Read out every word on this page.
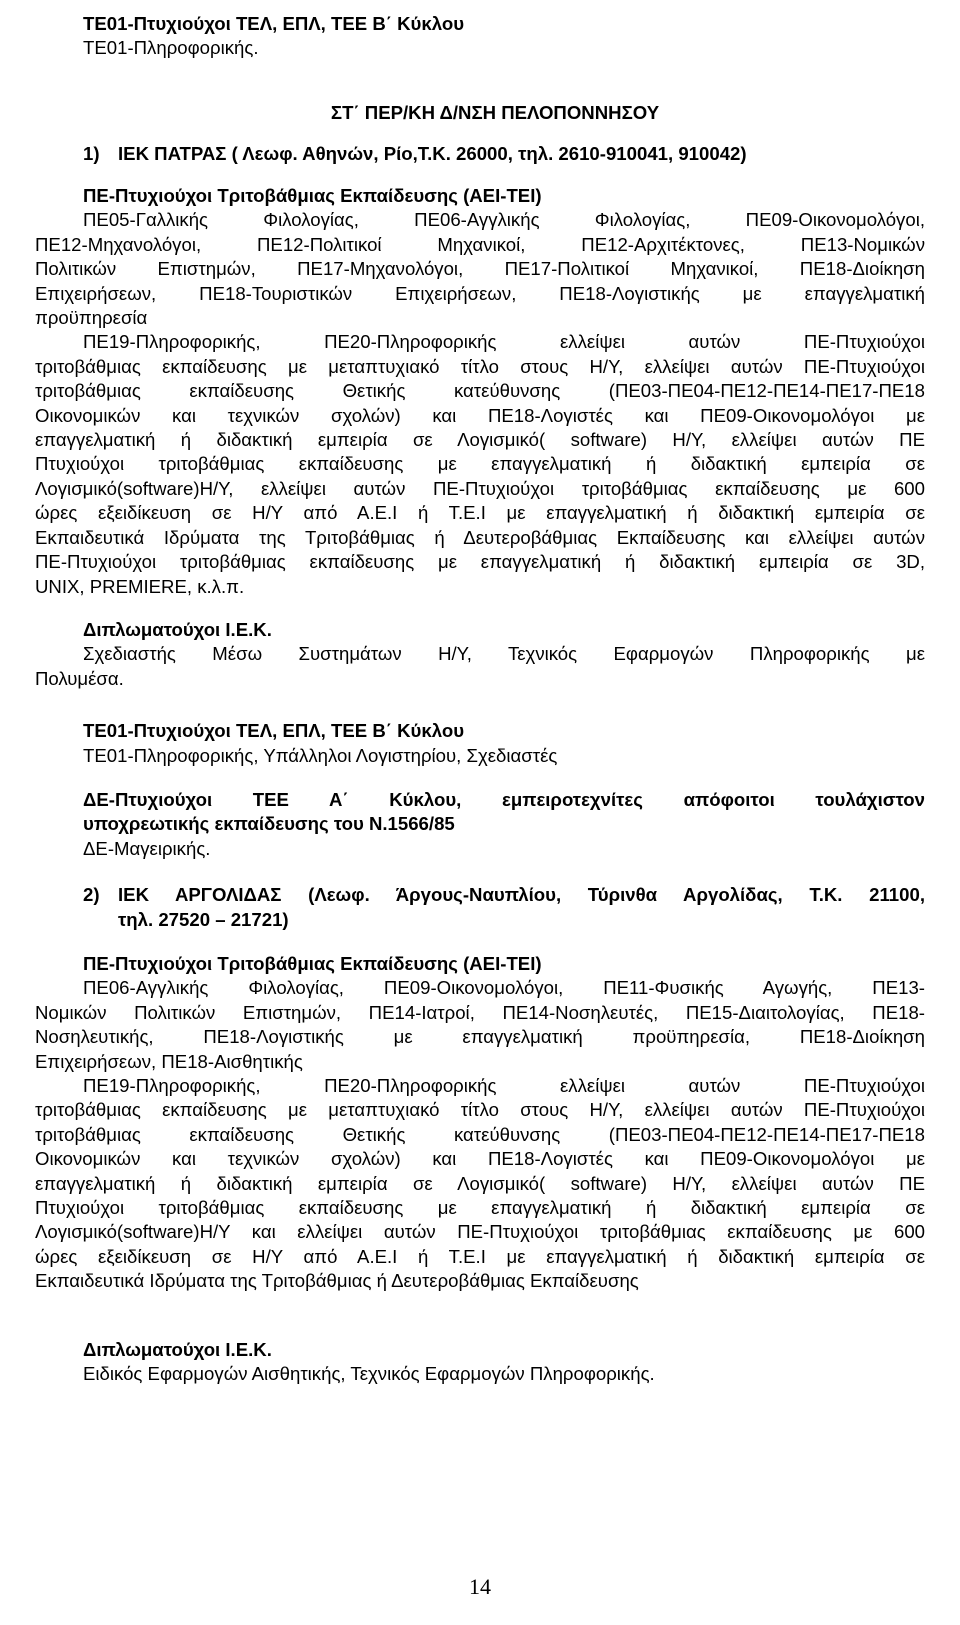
ΤΕ01-Πτυχιούχοι ΤΕΛ, ΕΠΛ, ΤΕΕ Β΄ Κύκλου

ΤΕ01-Πληροφορικής.

ΣΤ΄ ΠΕΡ/ΚΗ Δ/ΝΣΗ ΠΕΛΟΠΟΝΝΗΣΟΥ

1) ΙΕΚ ΠΑΤΡΑΣ ( Λεωφ. Αθηνών, Ρίο,Τ.Κ. 26000, τηλ. 2610-910041, 910042)

ΠΕ-Πτυχιούχοι Τριτοβάθμιας Εκπαίδευσης (ΑΕΙ-ΤΕΙ)

ΠΕ05-Γαλλικής Φιλολογίας, ΠΕ06-Αγγλικής Φιλολογίας, ΠΕ09-Οικονομολόγοι,

ΠΕ12-Μηχανολόγοι, ΠΕ12-Πολιτικοί Μηχανικοί, ΠΕ12-Αρχιτέκτονες, ΠΕ13-Νομικών

Πολιτικών Επιστημών, ΠΕ17-Μηχανολόγοι, ΠΕ17-Πολιτικοί Μηχανικοί, ΠΕ18-Διοίκηση

Επιχειρήσεων, ΠΕ18-Τουριστικών Επιχειρήσεων, ΠΕ18-Λογιστικής με επαγγελματική

προϋπηρεσία

ΠΕ19-Πληροφορικής, ΠΕ20-Πληροφορικής ελλείψει αυτών ΠΕ-Πτυχιούχοι

τριτοβάθμιας εκπαίδευσης με μεταπτυχιακό τίτλο στους Η/Υ, ελλείψει αυτών ΠΕ-Πτυχιούχοι

τριτοβάθμιας εκπαίδευσης Θετικής κατεύθυνσης (ΠΕ03-ΠΕ04-ΠΕ12-ΠΕ14-ΠΕ17-ΠΕ18

Οικονομικών και τεχνικών σχολών) και ΠΕ18-Λογιστές και ΠΕ09-Οικονομολόγοι με

επαγγελματική ή διδακτική εμπειρία σε Λογισμικό( software) Η/Υ, ελλείψει αυτών ΠΕ

Πτυχιούχοι τριτοβάθμιας εκπαίδευσης με επαγγελματική ή διδακτική εμπειρία σε

Λογισμικό(software)Η/Υ, ελλείψει αυτών ΠΕ-Πτυχιούχοι τριτοβάθμιας εκπαίδευσης με 600

ώρες εξειδίκευση σε Η/Υ από Α.Ε.Ι ή Τ.Ε.Ι με επαγγελματική ή διδακτική εμπειρία σε

Εκπαιδευτικά Ιδρύματα της Τριτοβάθμιας ή Δευτεροβάθμιας Εκπαίδευσης και ελλείψει αυτών

ΠΕ-Πτυχιούχοι τριτοβάθμιας εκπαίδευσης με επαγγελματική ή διδακτική εμπειρία σε 3D,

UNIX, PREMIERE, κ.λ.π.

Διπλωματούχοι Ι.Ε.Κ.

Σχεδιαστής Μέσω Συστημάτων Η/Υ, Τεχνικός Εφαρμογών Πληροφορικής με

Πολυμέσα.

ΤΕ01-Πτυχιούχοι ΤΕΛ, ΕΠΛ, ΤΕΕ Β΄ Κύκλου

ΤΕ01-Πληροφορικής, Υπάλληλοι Λογιστηρίου, Σχεδιαστές

ΔΕ-Πτυχιούχοι ΤΕΕ Α΄ Κύκλου, εμπειροτεχνίτες απόφοιτοι τουλάχιστον

υποχρεωτικής εκπαίδευσης του Ν.1566/85

ΔΕ-Μαγειρικής.

2) ΙΕΚ ΑΡΓΟΛΙΔΑΣ (Λεωφ. Άργους-Ναυπλίου, Τύρινθα Αργολίδας, Τ.Κ. 21100,
τηλ. 27520 – 21721)

ΠΕ-Πτυχιούχοι Τριτοβάθμιας Εκπαίδευσης (ΑΕΙ-ΤΕΙ)

ΠΕ06-Αγγλικής Φιλολογίας, ΠΕ09-Οικονομολόγοι, ΠΕ11-Φυσικής Αγωγής, ΠΕ13-

Νομικών Πολιτικών Επιστημών, ΠΕ14-Ιατροί, ΠΕ14-Νοσηλευτές, ΠΕ15-Διαιτολογίας, ΠΕ18-

Νοσηλευτικής, ΠΕ18-Λογιστικής με επαγγελματική προϋπηρεσία, ΠΕ18-Διοίκηση

Επιχειρήσεων, ΠΕ18-Αισθητικής

ΠΕ19-Πληροφορικής, ΠΕ20-Πληροφορικής ελλείψει αυτών ΠΕ-Πτυχιούχοι

τριτοβάθμιας εκπαίδευσης με μεταπτυχιακό τίτλο στους Η/Υ, ελλείψει αυτών ΠΕ-Πτυχιούχοι

τριτοβάθμιας εκπαίδευσης Θετικής κατεύθυνσης (ΠΕ03-ΠΕ04-ΠΕ12-ΠΕ14-ΠΕ17-ΠΕ18

Οικονομικών και τεχνικών σχολών) και ΠΕ18-Λογιστές και ΠΕ09-Οικονομολόγοι με

επαγγελματική ή διδακτική εμπειρία σε Λογισμικό( software) Η/Υ, ελλείψει αυτών ΠΕ

Πτυχιούχοι τριτοβάθμιας εκπαίδευσης με επαγγελματική ή διδακτική εμπειρία σε

Λογισμικό(software)Η/Υ και ελλείψει αυτών ΠΕ-Πτυχιούχοι τριτοβάθμιας εκπαίδευσης με 600

ώρες εξειδίκευση σε Η/Υ από Α.Ε.Ι ή Τ.Ε.Ι με επαγγελματική ή διδακτική εμπειρία σε

Εκπαιδευτικά Ιδρύματα της Τριτοβάθμιας ή Δευτεροβάθμιας Εκπαίδευσης

Διπλωματούχοι Ι.Ε.Κ.

Ειδικός Εφαρμογών Αισθητικής, Τεχνικός Εφαρμογών Πληροφορικής.

14
